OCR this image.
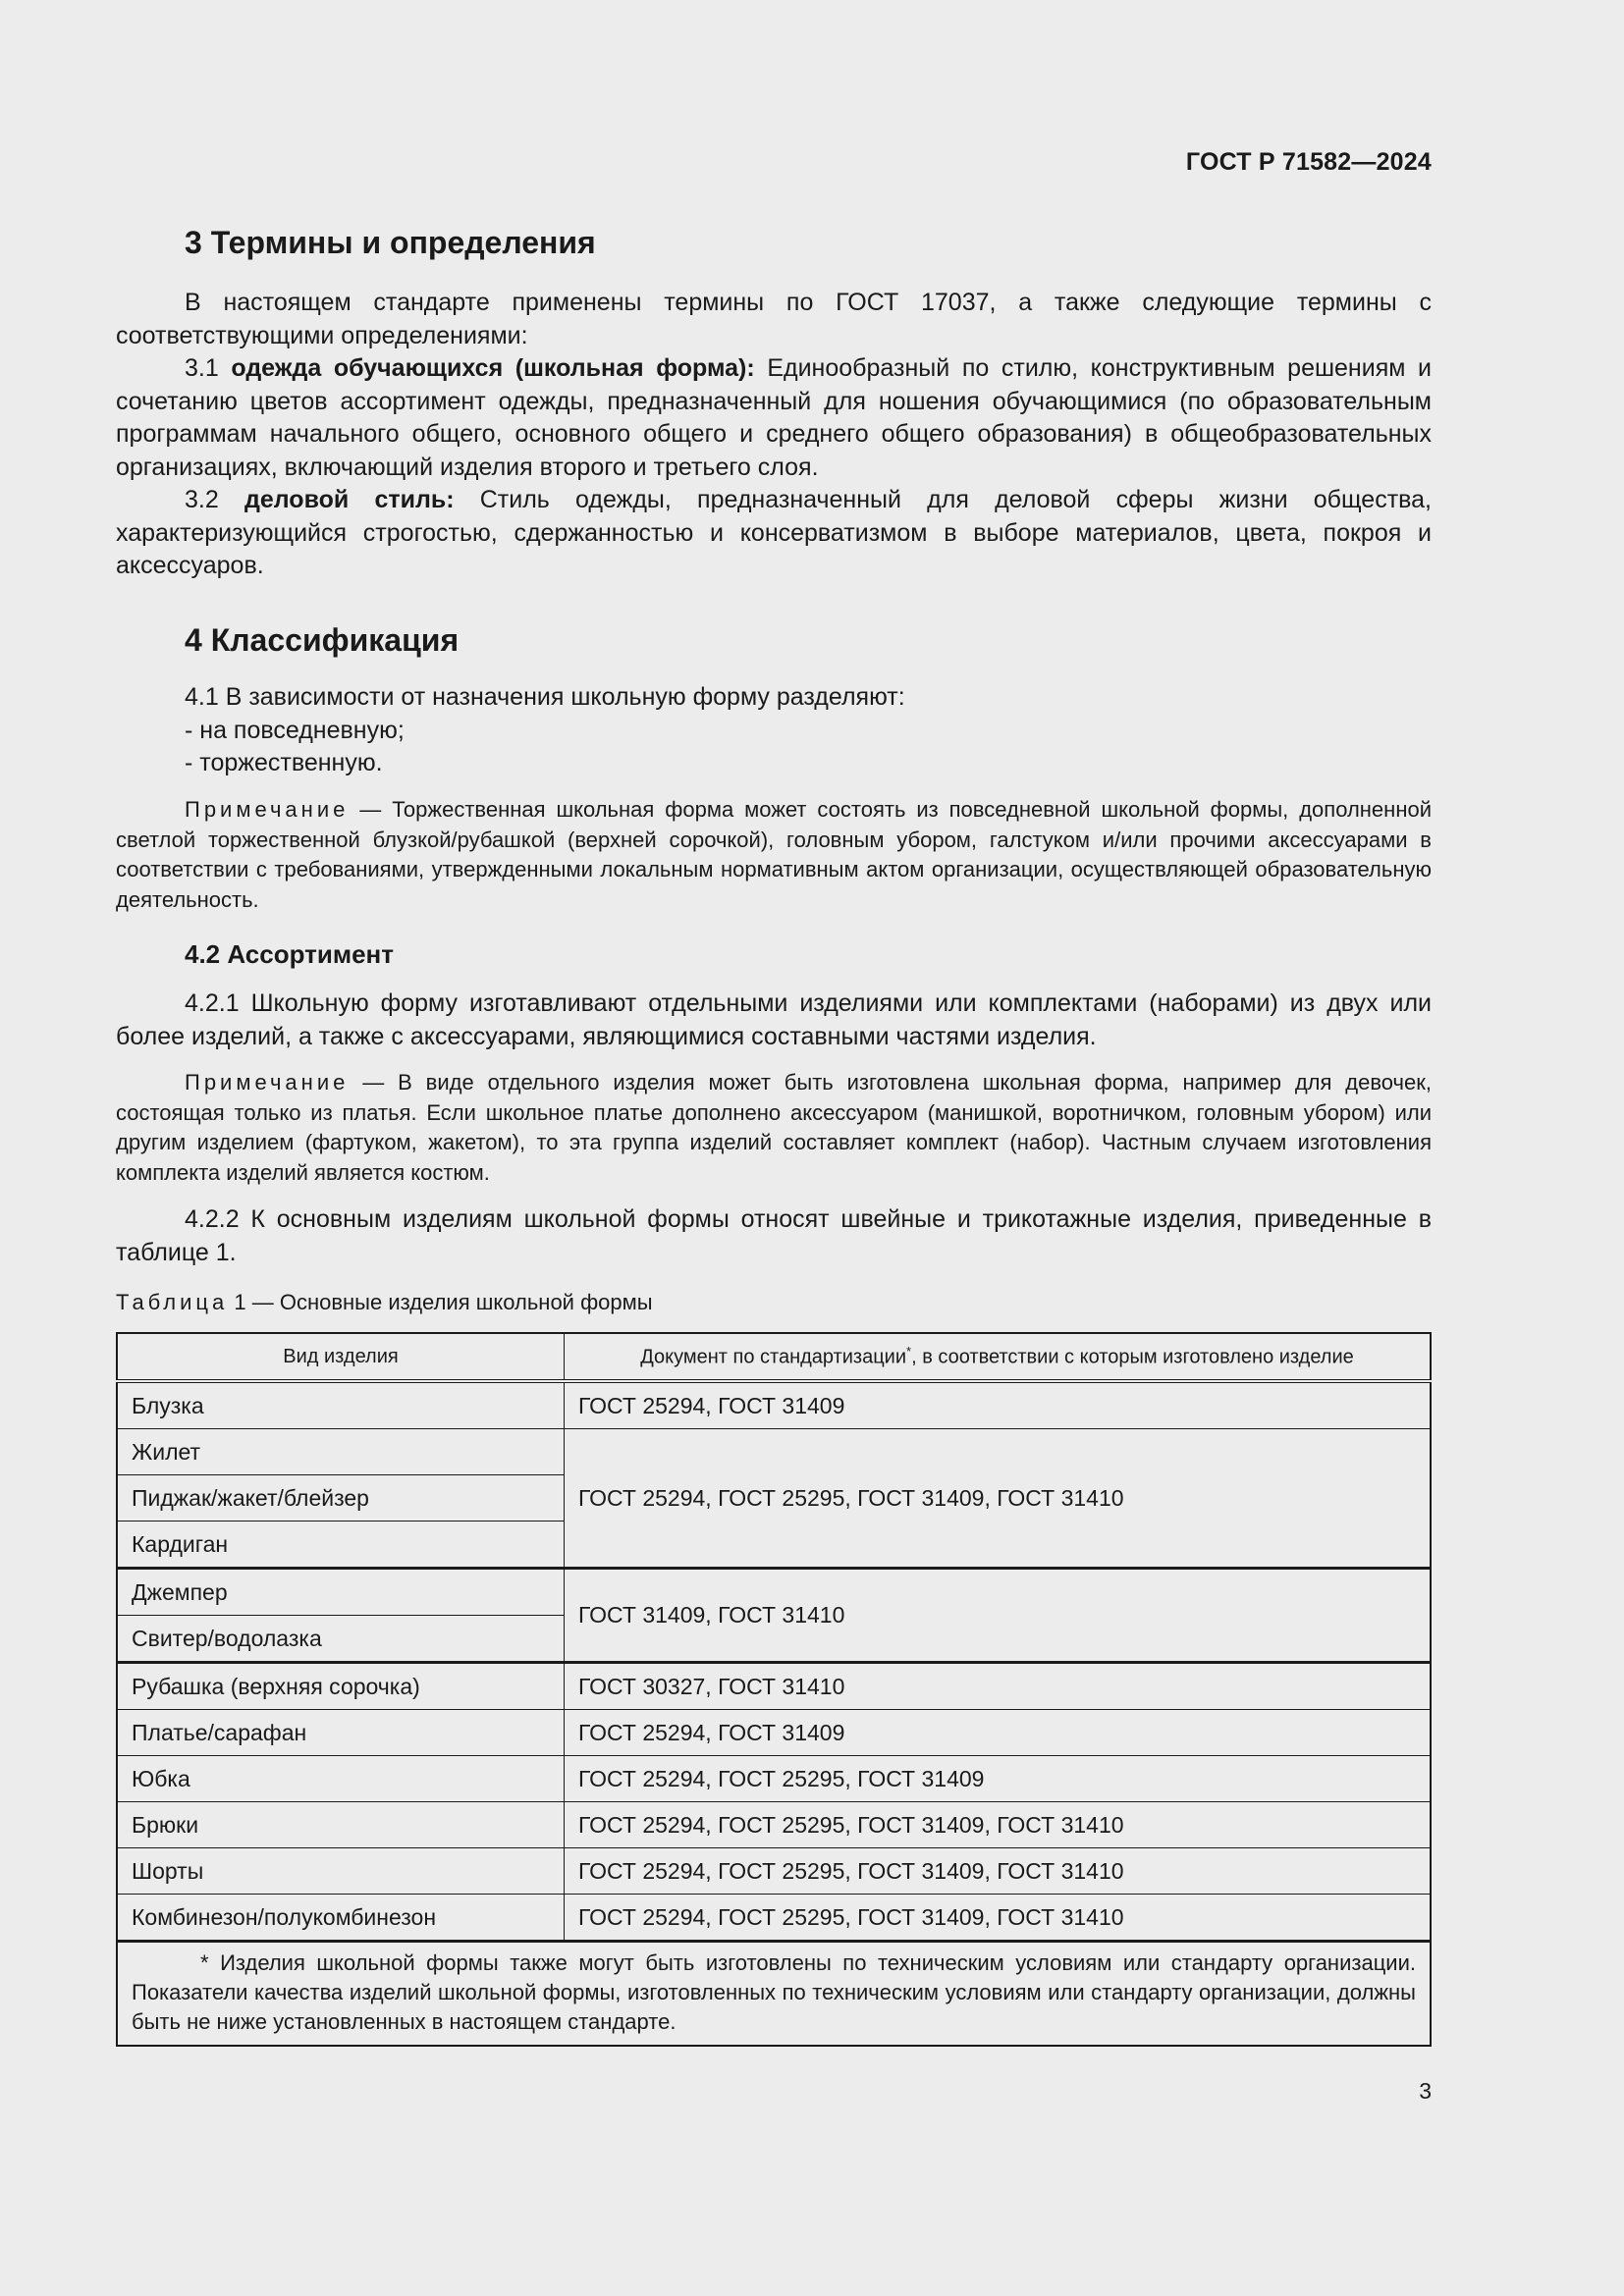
ГОСТ Р 71582—2024
3 Термины и определения

В настоящем стандарте применены термины по ГОСТ 17037, а также следующие термины с соответствующими определениями:

3.1 одежда обучающихся (школьная форма): Единообразный по стилю, конструктивным решениям и сочетанию цветов ассортимент одежды, предназначенный для ношения обучающимися (по образовательным программам начального общего, основного общего и среднего общего образования) в общеобразовательных организациях, включающий изделия второго и третьего слоя.

3.2 деловой стиль: Стиль одежды, предназначенный для деловой сферы жизни общества, характеризующийся строгостью, сдержанностью и консерватизмом в выборе материалов, цвета, покроя и аксессуаров.

4 Классификация

4.1 В зависимости от назначения школьную форму разделяют:

- на повседневную;

- торжественную.

Примечание — Торжественная школьная форма может состоять из повседневной школьной формы, дополненной светлой торжественной блузкой/рубашкой (верхней сорочкой), головным убором, галстуком и/или прочими аксессуарами в соответствии с требованиями, утвержденными локальным нормативным актом организации, осуществляющей образовательную деятельность.

4.2 Ассортимент

4.2.1 Школьную форму изготавливают отдельными изделиями или комплектами (наборами) из двух или более изделий, а также с аксессуарами, являющимися составными частями изделия.

Примечание — В виде отдельного изделия может быть изготовлена школьная форма, например для девочек, состоящая только из платья. Если школьное платье дополнено аксессуаром (манишкой, воротничком, головным убором) или другим изделием (фартуком, жакетом), то эта группа изделий составляет комплект (набор). Частным случаем изготовления комплекта изделий является костюм.

4.2.2 К основным изделиям школьной формы относят швейные и трикотажные изделия, приведенные в таблице 1.

Таблица 1 — Основные изделия школьной формы
Вид изделия	Документ по стандартизации*, в соответствии с которым изготовлено изделие
Блузка	ГОСТ 25294, ГОСТ 31409
Жилет	ГОСТ 25294, ГОСТ 25295, ГОСТ 31409, ГОСТ 31410
Пиджак/жакет/блейзер	
Кардиган	
Джемпер	ГОСТ 31409, ГОСТ 31410
Свитер/водолазка	
Рубашка (верхняя сорочка)	ГОСТ 30327, ГОСТ 31410
Платье/сарафан	ГОСТ 25294, ГОСТ 31409
Юбка	ГОСТ 25294, ГОСТ 25295, ГОСТ 31409
Брюки	ГОСТ 25294, ГОСТ 25295, ГОСТ 31409, ГОСТ 31410
Шорты	ГОСТ 25294, ГОСТ 25295, ГОСТ 31409, ГОСТ 31410
Комбинезон/полукомбинезон	ГОСТ 25294, ГОСТ 25295, ГОСТ 31409, ГОСТ 31410
* Изделия школьной формы также могут быть изготовлены по техническим условиям или стандарту организации. Показатели качества изделий школьной формы, изготовленных по техническим условиям или стандарту организации, должны быть не ниже установленных в настоящем стандарте.	
3
